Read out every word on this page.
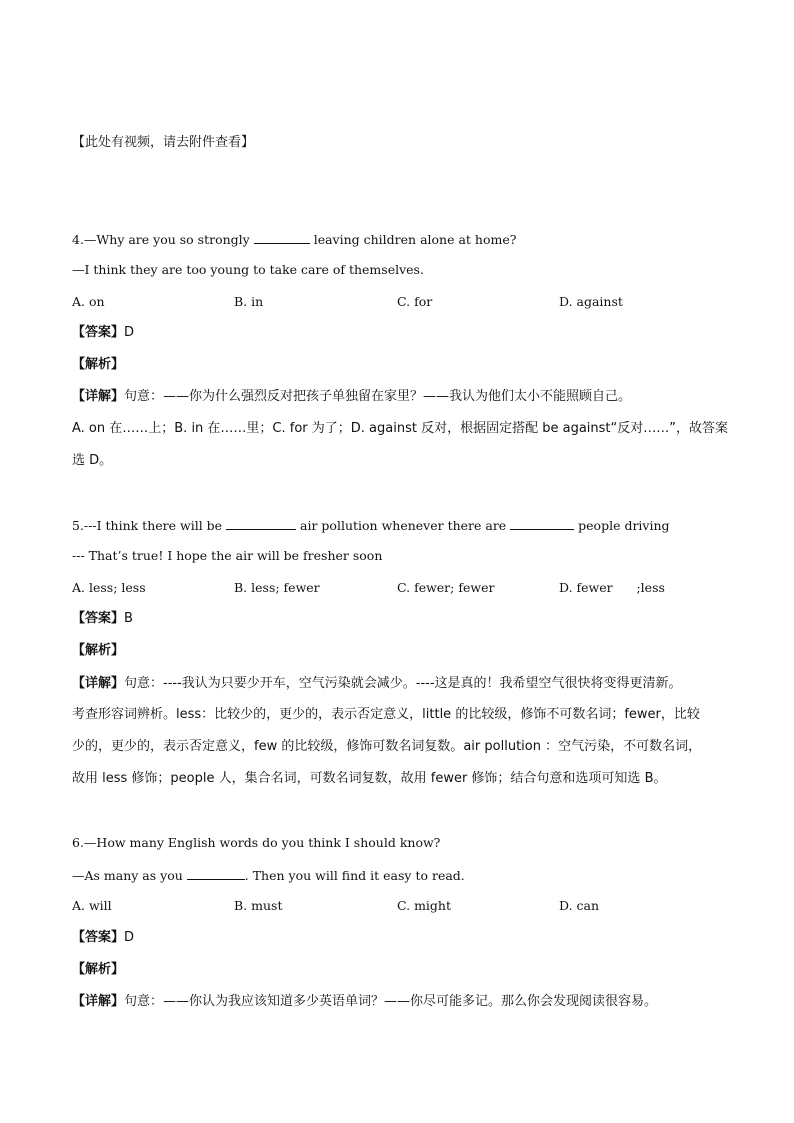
【此处有视频，请去附件查看】
4.—Why are you so strongly	leaving children alone at home?
—I think they are too young to take care of themselves.
A. on	B. in	C. for	D. against
【答案】D
【解析】
【详解】句意：——你为什么强烈反对把孩子单独留在家里？——我认为他们太小不能照顾自己。
A. on 在……上；B. in 在……里；C. for 为了；D. against 反对，根据固定搭配 be against“反对……”，故答案
选 D。
5.---I think there will be	air pollution whenever there are	people driving
--- That’s true! I hope the air will be fresher soon
A. less; less	B. less; fewer	C. fewer; fewer	D. fewer      ;less
【答案】B
【解析】
【详解】句意：----我认为只要少开车，空气污染就会减少。----这是真的！我希望空气很快将变得更清新。
考查形容词辨析。less：比较少的，更少的，表示否定意义，little 的比较级，修饰不可数名词；fewer，比较
少的，更少的，表示否定意义，few 的比较级，修饰可数名词复数。air pollution ：空气污染，不可数名词，
故用 less 修饰；people 人，集合名词，可数名词复数，故用 fewer 修饰；结合句意和选项可知选 B。
6.—How many English words do you think I should know?
—As many as you	. Then you will find it easy to read.
A. will	B. must	C. might	D. can
【答案】D
【解析】
【详解】句意：——你认为我应该知道多少英语单词？——你尽可能多记。那么你会发现阅读很容易。
